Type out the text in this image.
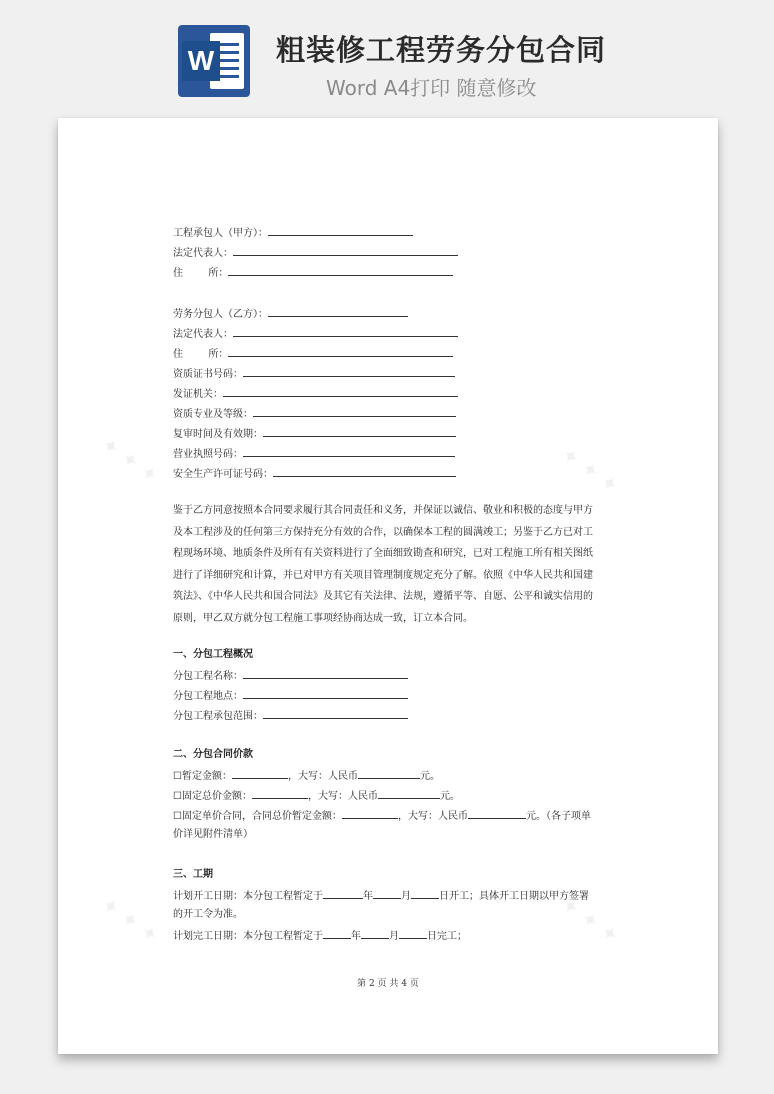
W 粗装修工程劳务分包合同
Word A4打印 随意修改
✦ ✦ ✦	✦ ✦ ✦
✦ ✦ ✦	✦ ✦ ✦
工程承包人（甲方）：
法定代表人：
住        所：
劳务分包人（乙方）：
法定代表人：
住        所：
资质证书号码：
发证机关：
资质专业及等级：
复审时间及有效期：
营业执照号码：
安全生产许可证号码：
鉴于乙方同意按照本合同要求履行其合同责任和义务，并保证以诚信、敬业和积极的态度与甲方及本工程涉及的任何第三方保持充分有效的合作，以确保本工程的圆满竣工；另鉴于乙方已对工程现场环境、地质条件及所有有关资料进行了全面细致勘查和研究，已对工程施工所有相关图纸进行了详细研究和计算，并已对甲方有关项目管理制度规定充分了解。依照《中华人民共和国建筑法》、《中华人民共和国合同法》及其它有关法律、法规，遵循平等、自愿、公平和诚实信用的原则，甲乙双方就分包工程施工事项经协商达成一致，订立本合同。
一、分包工程概况
分包工程名称：
分包工程地点：
分包工程承包范围：
二、分包合同价款
☐暂定金额：	，大写：人民币	元。
☐固定总价金额：	，大写：人民币	元。
☐固定单价合同，合同总价暂定金额：	，大写：人民币	元。（各子项单
价详见附件清单）
三、工期
计划开工日期：本分包工程暂定于	年	月	日开工；具体开工日期以甲方签署
的开工令为准。
计划完工日期：本分包工程暂定于	年	月	日完工；
第 2 页 共 4 页
